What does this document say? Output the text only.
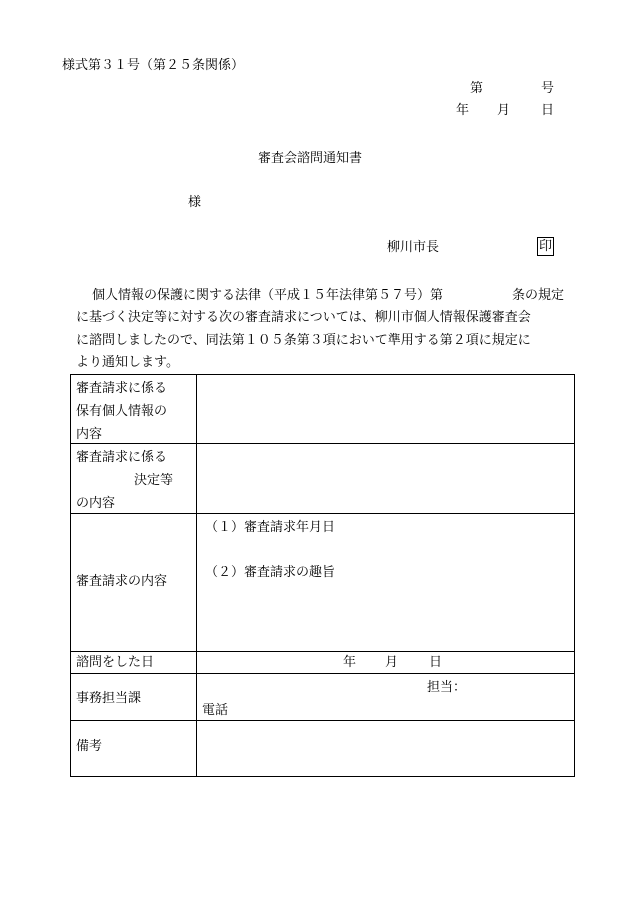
様式第３１号（第２５条関係）
第	号
年 月 日
審査会諮問通知書
様
柳川市長	印
個人情報の保護に関する法律（平成１５年法律第５７号）第	条の規定
に基づく決定等に対する次の審査請求については、柳川市個人情報保護審査会
に諮問しましたので、同法第１０５条第３項において準用する第２項に規定に
より通知します。
審査請求に係る
保有個人情報の
内容	

審査請求に係る
決定等
の内容	

審査請求の内容	（１）審査請求年月日
（２）審査請求の趣旨

諮問をした日	年 月 日

事務担当課	担当：
電話

備考	
